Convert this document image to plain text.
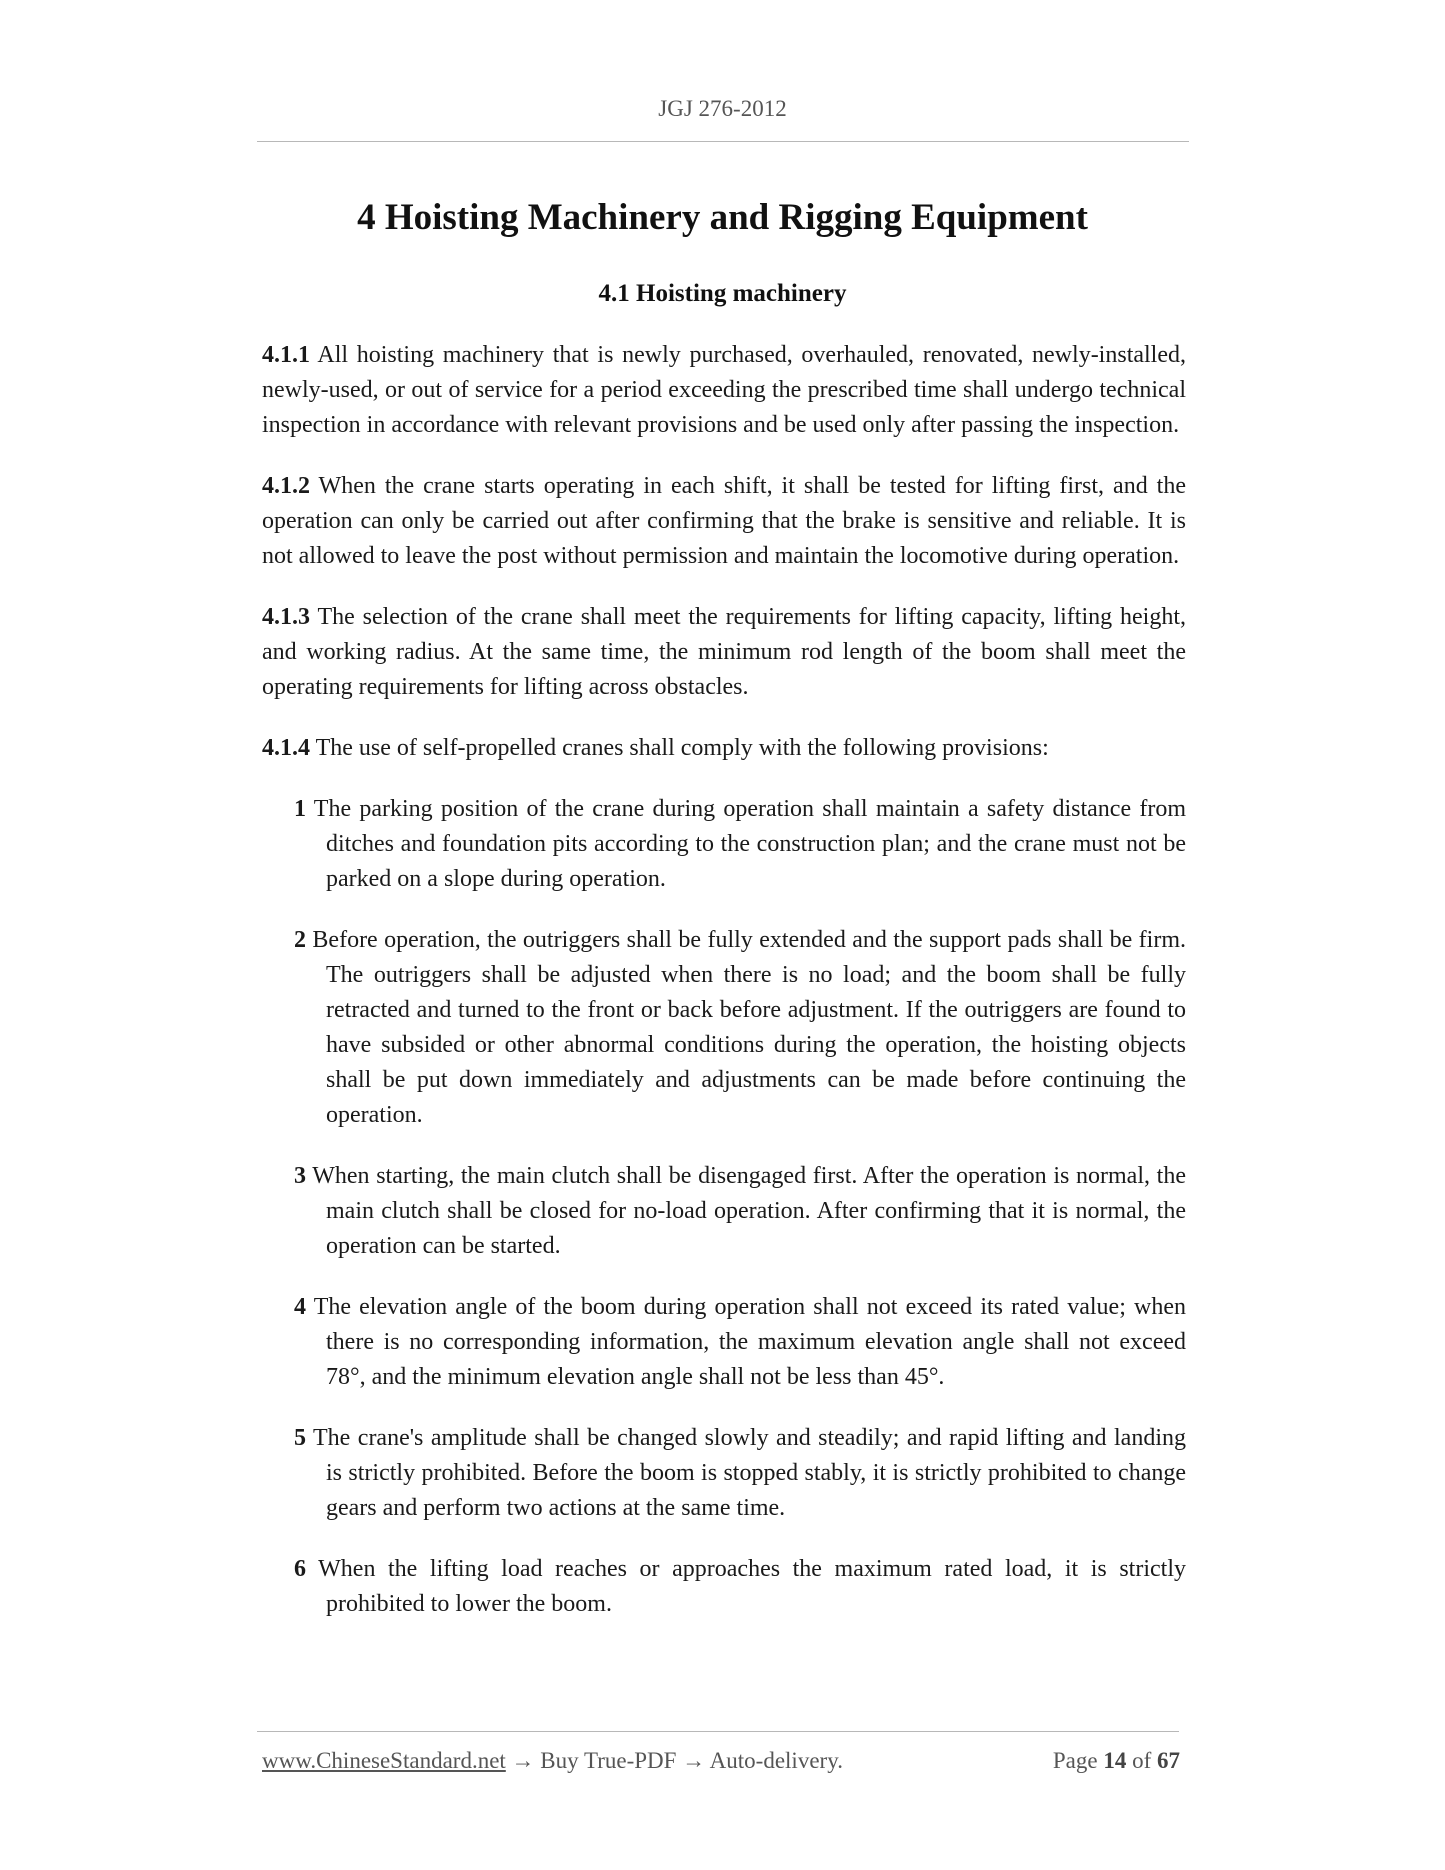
JGJ 276-2012
4 Hoisting Machinery and Rigging Equipment
4.1 Hoisting machinery

4.1.1 All hoisting machinery that is newly purchased, overhauled, renovated, newly-installed, newly-used, or out of service for a period exceeding the prescribed time shall undergo technical inspection in accordance with relevant provisions and be used only after passing the inspection.

4.1.2 When the crane starts operating in each shift, it shall be tested for lifting first, and the operation can only be carried out after confirming that the brake is sensitive and reliable. It is not allowed to leave the post without permission and maintain the locomotive during operation.

4.1.3 The selection of the crane shall meet the requirements for lifting capacity, lifting height, and working radius. At the same time, the minimum rod length of the boom shall meet the operating requirements for lifting across obstacles.

4.1.4 The use of self-propelled cranes shall comply with the following provisions:

1 The parking position of the crane during operation shall maintain a safety distance from ditches and foundation pits according to the construction plan; and the crane must not be parked on a slope during operation.

2 Before operation, the outriggers shall be fully extended and the support pads shall be firm. The outriggers shall be adjusted when there is no load; and the boom shall be fully retracted and turned to the front or back before adjustment. If the outriggers are found to have subsided or other abnormal conditions during the operation, the hoisting objects shall be put down immediately and adjustments can be made before continuing the operation.

3 When starting, the main clutch shall be disengaged first. After the operation is normal, the main clutch shall be closed for no-load operation. After confirming that it is normal, the operation can be started.

4 The elevation angle of the boom during operation shall not exceed its rated value; when there is no corresponding information, the maximum elevation angle shall not exceed 78°, and the minimum elevation angle shall not be less than 45°.

5 The crane's amplitude shall be changed slowly and steadily; and rapid lifting and landing is strictly prohibited. Before the boom is stopped stably, it is strictly prohibited to change gears and perform two actions at the same time.

6 When the lifting load reaches or approaches the maximum rated load, it is strictly prohibited to lower the boom.

www.ChineseStandard.net → Buy True-PDF → Auto-delivery.	Page 14 of 67
